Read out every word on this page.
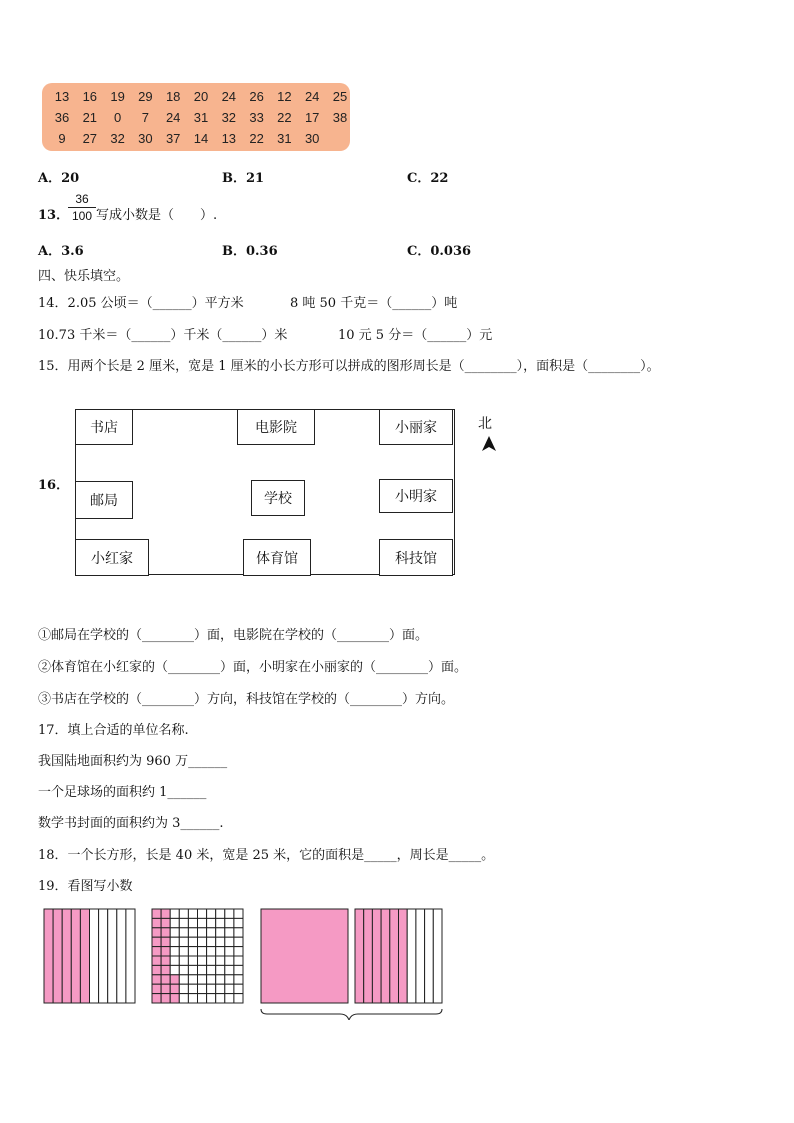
13	16	19	29	18	20	24	26	12	24	25
36	21	0	7	24	31	32	33	22	17	38
9	27	32	30	37	14	13	22	31	30
A．20	B．21	C．22
13．
36
100 写成小数是（　　）.
A．3.6	B．0.36	C．0.036
四、快乐填空。
14．2.05 公顷＝（______）平方米	8 吨 50 千克＝（______）吨
10.73 千米＝（______）千米（______）米	10 元 5 分＝（______）元
15．用两个长是 2 厘米，宽是 1 厘米的小长方形可以拼成的图形周长是（________），面积是（________）。
16．
书店	电影院	小丽家
邮局	学校	小明家
小红家	体育馆	科技馆
北
①邮局在学校的（________）面，电影院在学校的（________）面。
②体育馆在小红家的（________）面，小明家在小丽家的（________）面。
③书店在学校的（________）方向，科技馆在学校的（________）方向。
17．填上合适的单位名称.
我国陆地面积约为 960 万______
一个足球场的面积约 1______
数学书封面的面积约为 3______.
18．一个长方形，长是 40 米，宽是 25 米，它的面积是_____，周长是_____。
19．看图写小数
